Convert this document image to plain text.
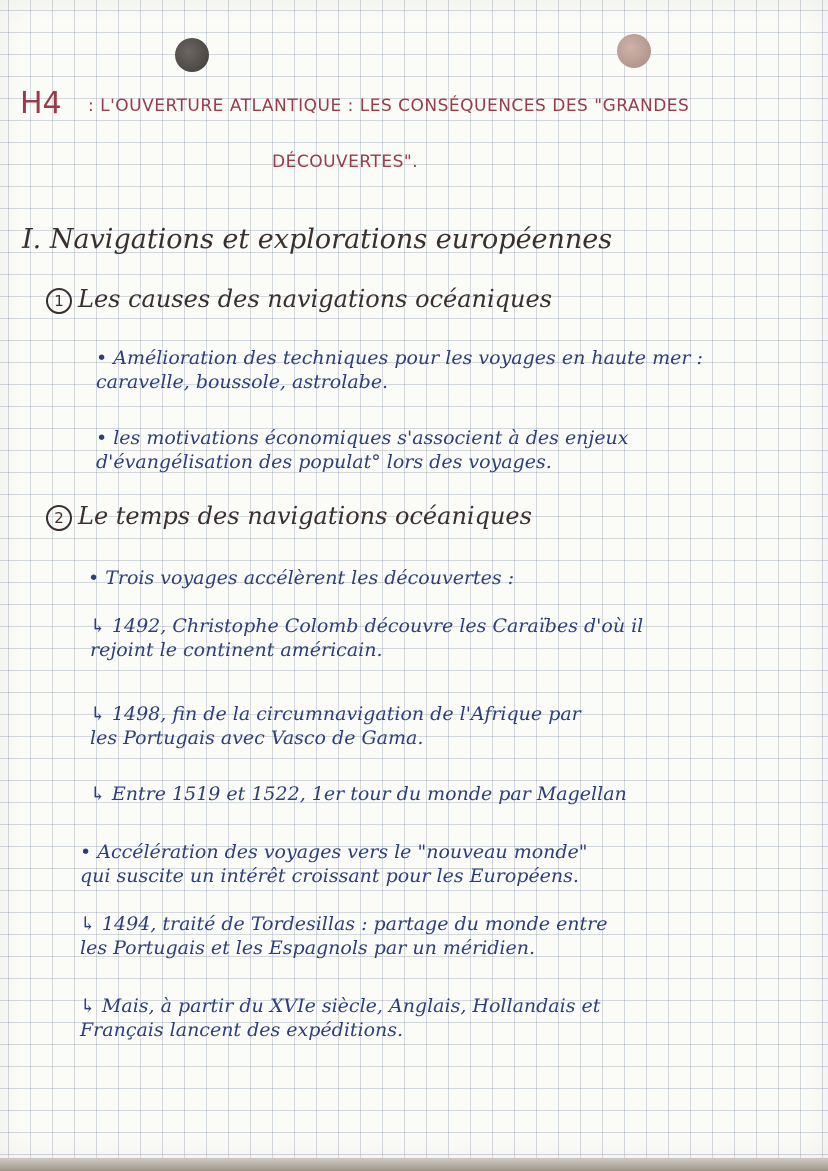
H4 : L'OUVERTURE ATLANTIQUE : LES CONSÉQUENCES DES "GRANDES
DÉCOUVERTES".
I. Navigations et explorations européennes
1 Les causes des navigations océaniques
• Amélioration des techniques pour les voyages en haute mer :
caravelle, boussole, astrolabe.
• les motivations économiques s'associent à des enjeux
d'évangélisation des populat° lors des voyages.
2 Le temps des navigations océaniques
• Trois voyages accélèrent les découvertes :
↳ 1492, Christophe Colomb découvre les Caraïbes d'où il
rejoint le continent américain.
↳ 1498, fin de la circumnavigation de l'Afrique par
les Portugais avec Vasco de Gama.
↳ Entre 1519 et 1522, 1er tour du monde par Magellan
• Accélération des voyages vers le "nouveau monde"
qui suscite un intérêt croissant pour les Européens.
↳ 1494, traité de Tordesillas : partage du monde entre
les Portugais et les Espagnols par un méridien.
↳ Mais, à partir du XVIe siècle, Anglais, Hollandais et
Français lancent des expéditions.
